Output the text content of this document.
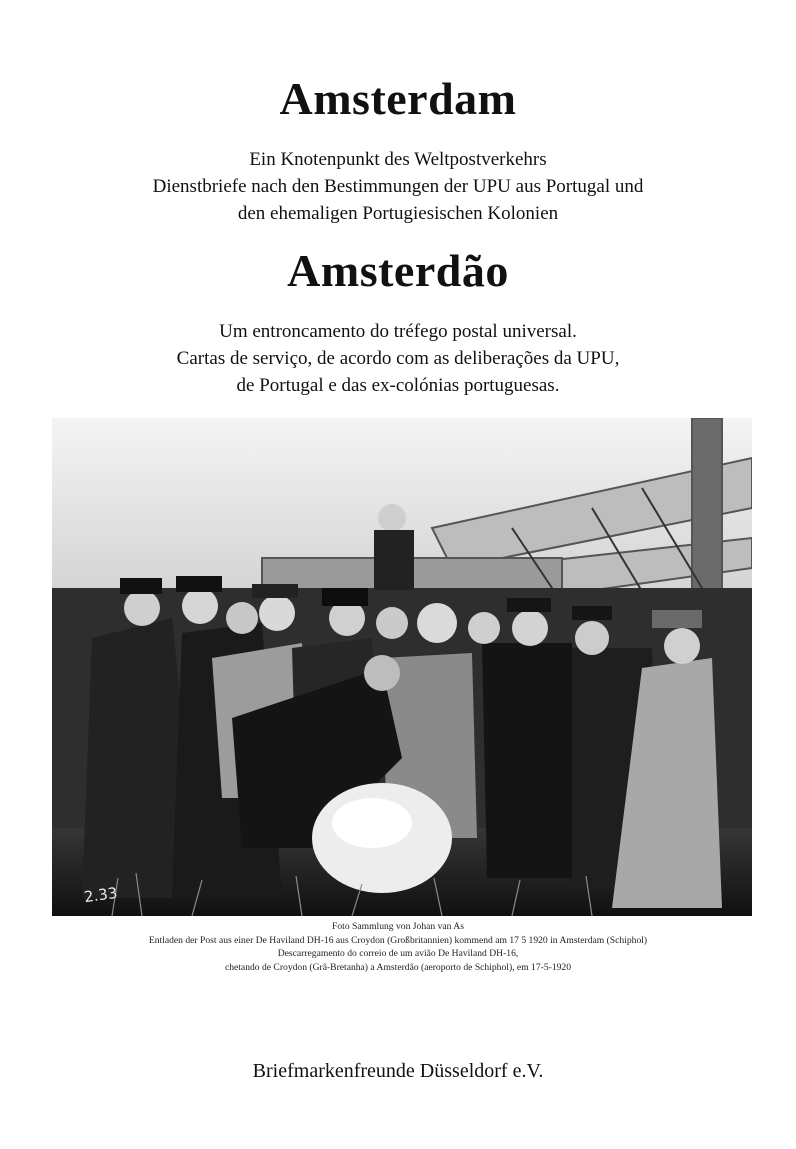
Amsterdam
Ein Knotenpunkt des Weltpostverkehrs
Dienstbriefe nach den Bestimmungen der UPU aus Portugal und
den ehemaligen Portugiesischen Kolonien
Amsterdão
Um entroncamento do tréfego postal universal.
Cartas de serviço, de acordo com as deliberações da UPU,
de Portugal e das ex-colónias portuguesas.
2.33
Foto Sammlung von Johan van As
Entladen der Post aus einer De Haviland DH-16 aus Croydon (Großbritannien) kommend am 17 5 1920 in Amsterdam (Schiphol)
Descarregamento do correio de um avião De Haviland DH-16,
chetando de Croydon (Grã-Bretanha) a Amsterdão (aeroporto de Schiphol), em 17-5-1920
Briefmarkenfreunde Düsseldorf e.V.
